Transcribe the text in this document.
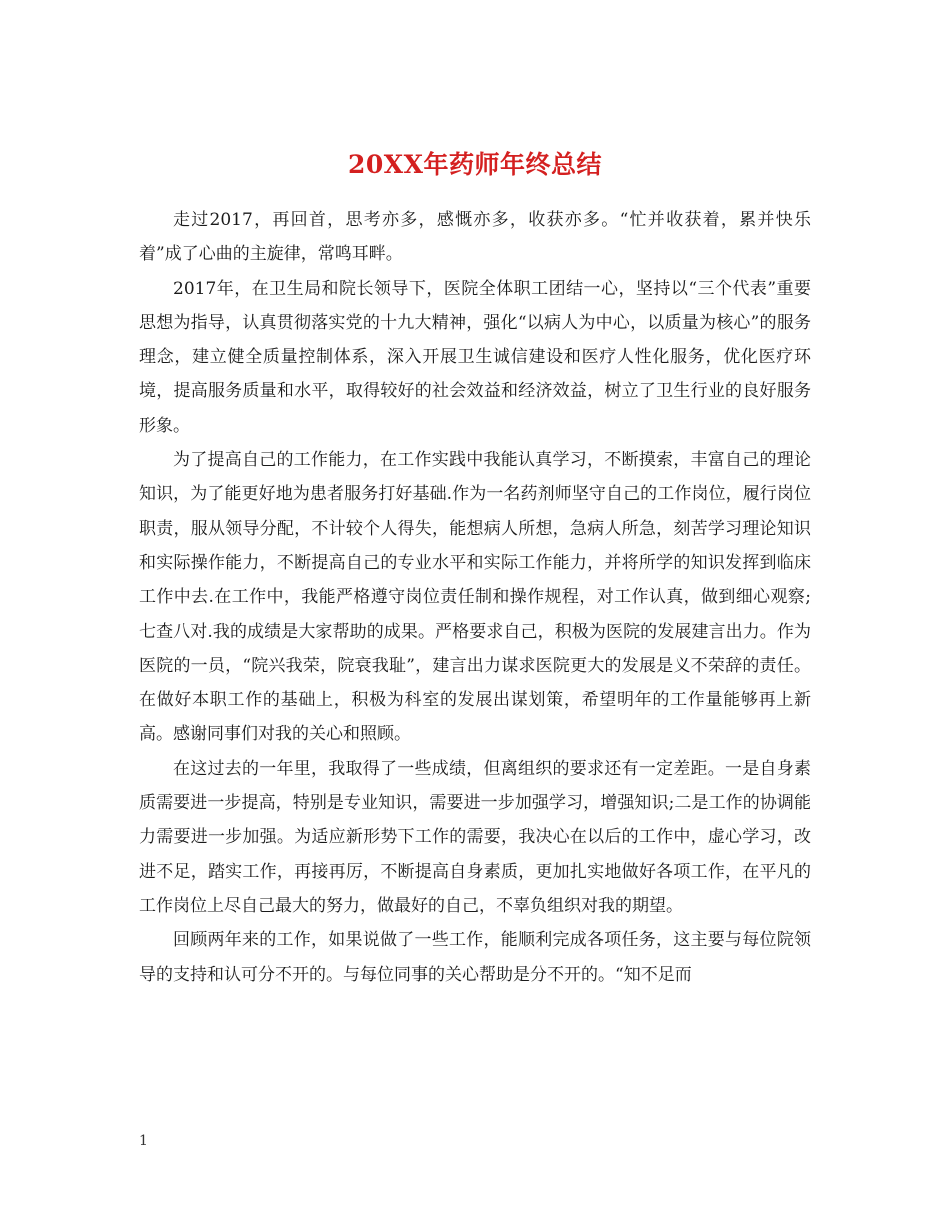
20XX年药师年终总结

走过2017，再回首，思考亦多，感慨亦多，收获亦多。“忙并收获着，累并快乐着”成了心曲的主旋律，常鸣耳畔。

2017年，在卫生局和院长领导下，医院全体职工团结一心，坚持以“三个代表”重要思想为指导，认真贯彻落实党的十九大精神，强化“以病人为中心，以质量为核心”的服务理念，建立健全质量控制体系，深入开展卫生诚信建设和医疗人性化服务，优化医疗环境，提高服务质量和水平，取得较好的社会效益和经济效益，树立了卫生行业的良好服务形象。

为了提高自己的工作能力，在工作实践中我能认真学习，不断摸索，丰富自己的理论知识，为了能更好地为患者服务打好基础.作为一名药剂师坚守自己的工作岗位，履行岗位职责，服从领导分配，不计较个人得失，能想病人所想，急病人所急，刻苦学习理论知识和实际操作能力，不断提高自己的专业水平和实际工作能力，并将所学的知识发挥到临床工作中去.在工作中，我能严格遵守岗位责任制和操作规程，对工作认真，做到细心观察;七查八对.我的成绩是大家帮助的成果。严格要求自己，积极为医院的发展建言出力。作为医院的一员，“院兴我荣，院衰我耻”，建言出力谋求医院更大的发展是义不荣辞的责任。在做好本职工作的基础上，积极为科室的发展出谋划策，希望明年的工作量能够再上新高。感谢同事们对我的关心和照顾。

在这过去的一年里，我取得了一些成绩，但离组织的要求还有一定差距。一是自身素质需要进一步提高，特别是专业知识，需要进一步加强学习，增强知识;二是工作的协调能力需要进一步加强。为适应新形势下工作的需要，我决心在以后的工作中，虚心学习，改进不足，踏实工作，再接再厉，不断提高自身素质，更加扎实地做好各项工作，在平凡的工作岗位上尽自己最大的努力，做最好的自己，不辜负组织对我的期望。

回顾两年来的工作，如果说做了一些工作，能顺利完成各项任务，这主要与每位院领导的支持和认可分不开的。与每位同事的关心帮助是分不开的。“知不足而

1
